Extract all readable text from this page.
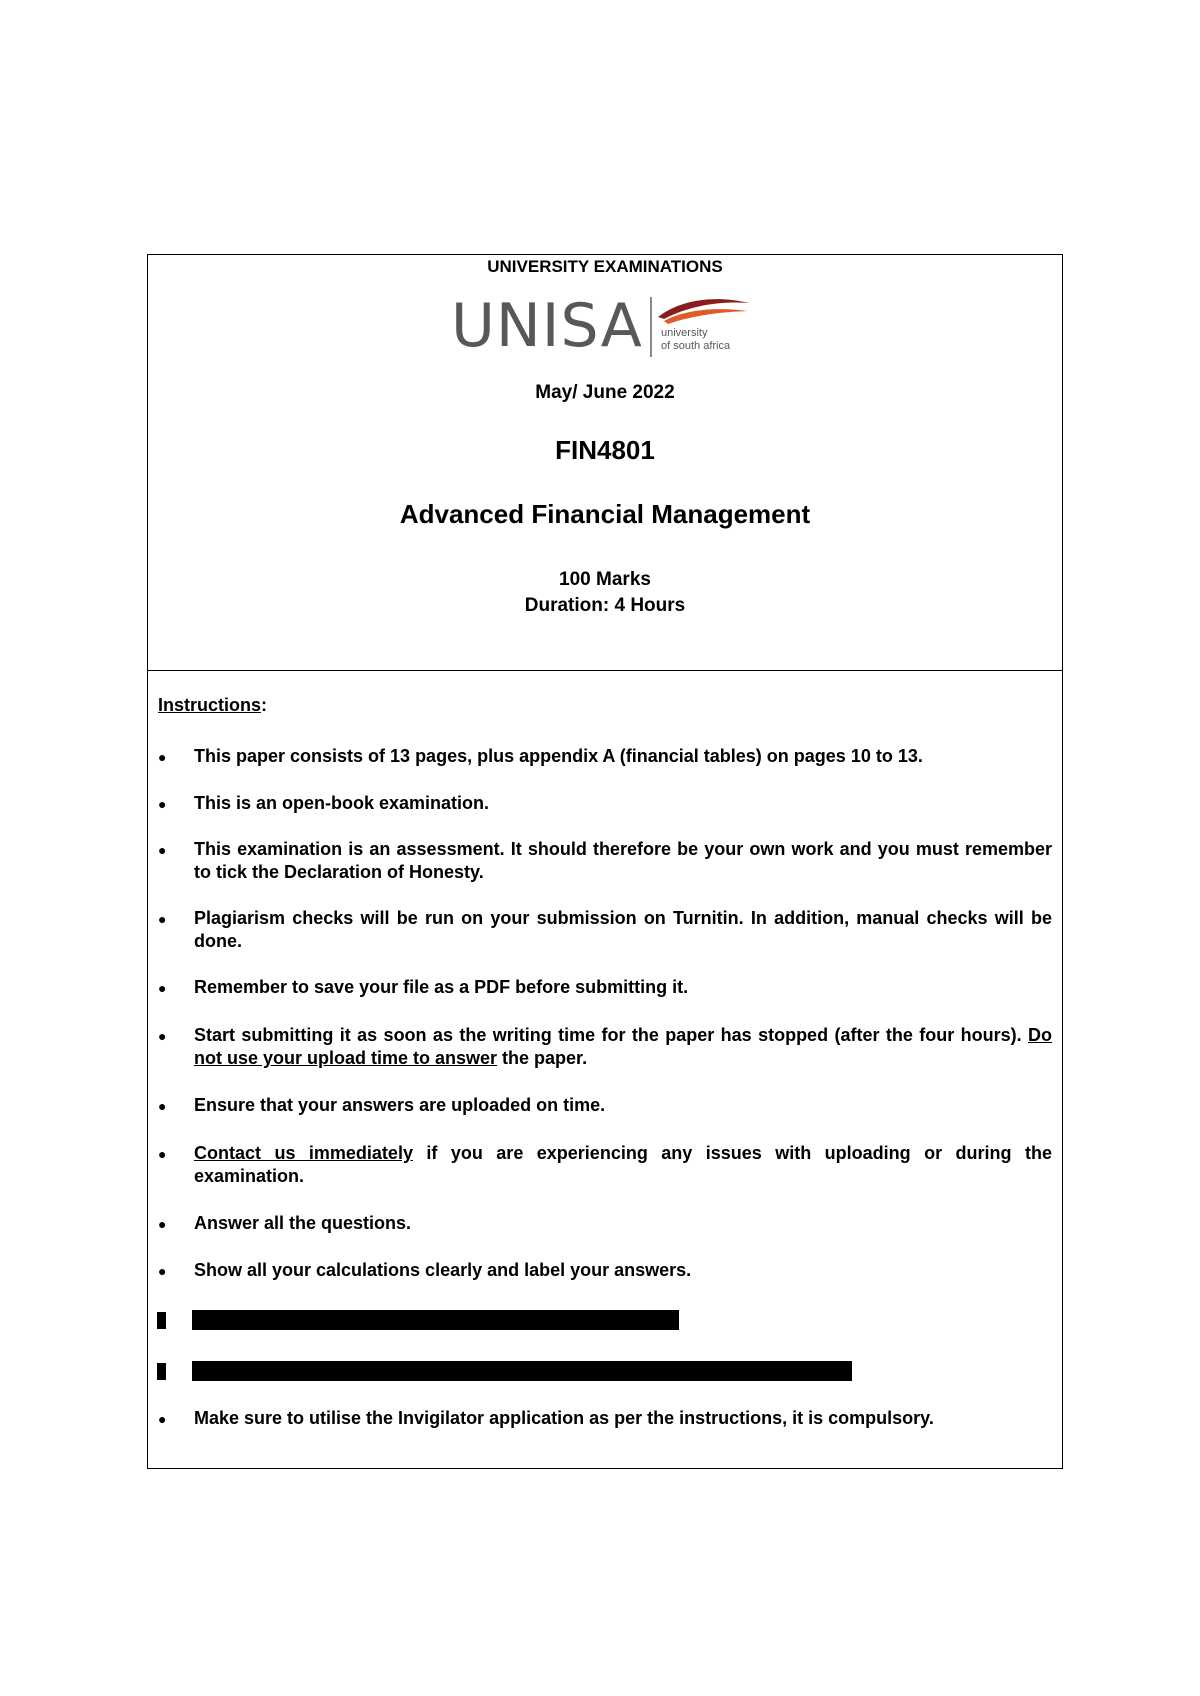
UNIVERSITY EXAMINATIONS
UNISA university
of south africa
May/ June 2022
FIN4801
Advanced Financial Management
100 Marks
Duration: 4 Hours
Instructions:
● This paper consists of 13 pages, plus appendix A (financial tables) on pages 10 to 13.
● This is an open-book examination.
● This examination is an assessment. It should therefore be your own work and you must remember to tick the Declaration of Honesty.
● Plagiarism checks will be run on your submission on Turnitin. In addition, manual checks will be done.
● Remember to save your file as a PDF before submitting it.
● Start submitting it as soon as the writing time for the paper has stopped (after the four hours). Do not use your upload time to answer the paper.
● Ensure that your answers are uploaded on time.
● Contact us immediately if you are experiencing any issues with uploading or during the examination.
● Answer all the questions.
● Show all your calculations clearly and label your answers.
● Make sure to utilise the Invigilator application as per the instructions, it is compulsory.
